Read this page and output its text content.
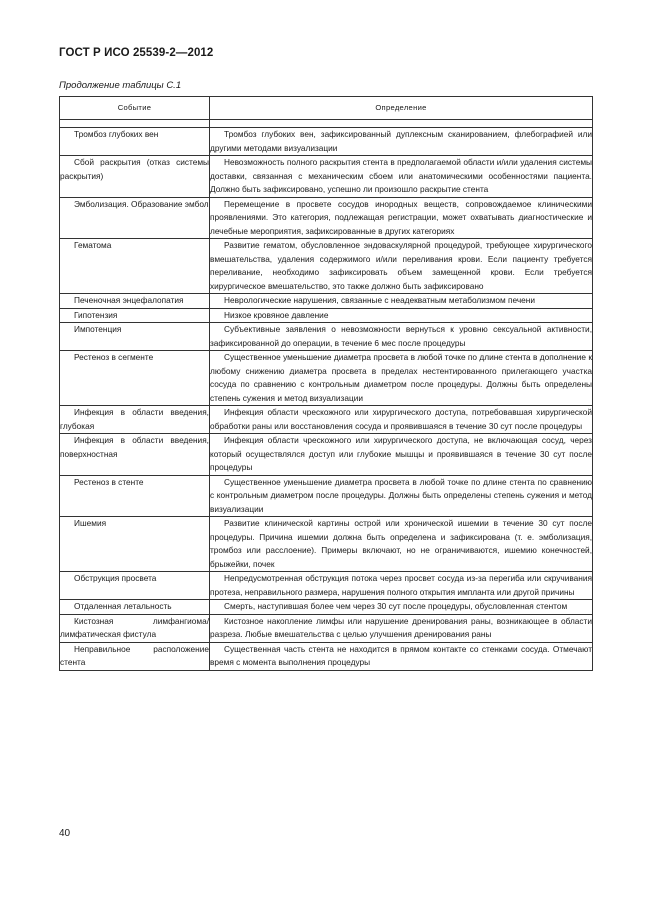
ГОСТ Р ИСО 25539-2—2012
Продолжение таблицы С.1
Событие	Определение

Тромбоз глубоких вен	Тромбоз глубоких вен, зафиксированный дуплексным сканированием, флебографией или другими методами визуализации

Сбой раскрытия (отказ системы раскрытия)	Невозможность полного раскрытия стента в предполагаемой области и/или удаления системы доставки, связанная с механическим сбоем или анатомическими особенностями пациента. Должно быть зафиксировано, успешно ли произошло раскрытие стента

Эмболизация. Образование эмбол	Перемещение в просвете сосудов инородных веществ, сопровождаемое клиническими проявлениями. Это категория, подлежащая регистрации, может охватывать диагностические и лечебные мероприятия, зафиксированные в других категориях

Гематома	Развитие гематом, обусловленное эндоваскулярной процедурой, требующее хирургического вмешательства, удаления содержимого и/или переливания крови. Если пациенту требуется переливание, необходимо зафиксировать объем замещенной крови. Если требуется хирургическое вмешательство, это также должно быть зафиксировано

Печеночная энцефалопатия	Неврологические нарушения, связанные с неадекватным метаболизмом печени

Гипотензия	Низкое кровяное давление

Импотенция	Субъективные заявления о невозможности вернуться к уровню сексуальной активности, зафиксированной до операции, в течение 6 мес после процедуры

Рестеноз в сегменте	Существенное уменьшение диаметра просвета в любой точке по длине стента в дополнение к любому снижению диаметра просвета в пределах нестентированного прилегающего участка сосуда по сравнению с контрольным диаметром после процедуры. Должны быть определены степень сужения и метод визуализации

Инфекция в области введения, глубокая	Инфекция области чрескожного или хирургического доступа, потребовавшая хирургической обработки раны или восстановления сосуда и проявившаяся в течение 30 сут после процедуры

Инфекция в области введения, поверхностная	Инфекция области чрескожного или хирургического доступа, не включающая сосуд, через который осуществлялся доступ или глубокие мышцы и проявившаяся в течение 30 сут после процедуры

Рестеноз в стенте	Существенное уменьшение диаметра просвета в любой точке по длине стента по сравнению с контрольным диаметром после процедуры. Должны быть определены степень сужения и метод визуализации

Ишемия	Развитие клинической картины острой или хронической ишемии в течение 30 сут после процедуры. Причина ишемии должна быть определена и зафиксирована (т. е. эмболизация, тромбоз или расслоение). Примеры включают, но не ограничиваются, ишемию конечностей, брыжейки, почек

Обструкция просвета	Непредусмотренная обструкция потока через просвет сосуда из-за перегиба или скручивания протеза, неправильного размера, нарушения полного открытия импланта или другой причины

Отдаленная летальность	Смерть, наступившая более чем через 30 сут после процедуры, обусловленная стентом

Кистозная лимфангиома/лимфатическая фистула	Кистозное накопление лимфы или нарушение дренирования раны, возникающее в области разреза. Любые вмешательства с целью улучшения дренирования раны

Неправильное расположение стента	Существенная часть стента не находится в прямом контакте со стенками сосуда. Отмечают время с момента выполнения процедуры
40
